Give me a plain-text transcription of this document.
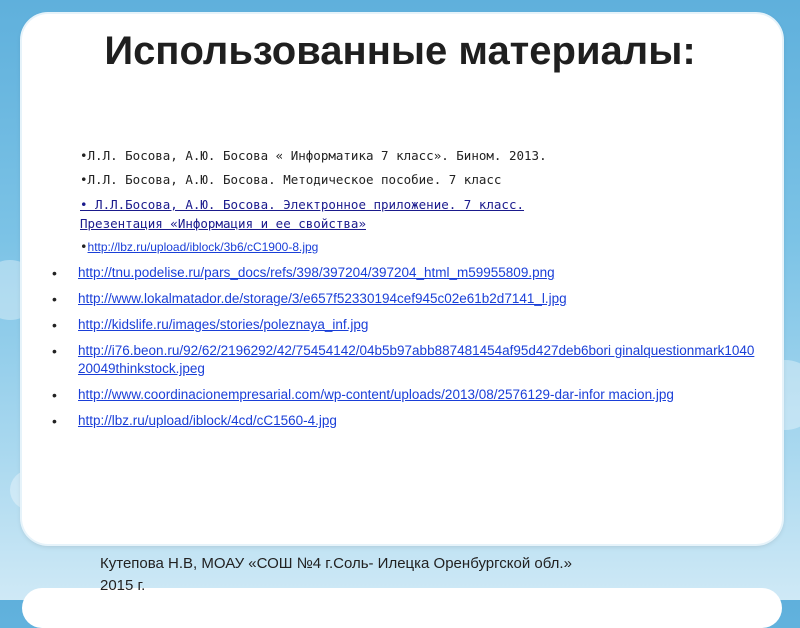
Использованные материалы:
•Л.Л. Босова, А.Ю. Босова « Информатика 7 класс». Бином. 2013.
•Л.Л. Босова, А.Ю. Босова. Методическое пособие. 7 класс
• Л.Л.Босова, А.Ю. Босова. Электронное приложение. 7 класс.
Презентация «Информация и ее свойства»
•http://lbz.ru/upload/iblock/3b6/cC1900-8.jpg
• http://tnu.podelise.ru/pars_docs/refs/398/397204/397204_html_m59955809.png
• http://www.lokalmatador.de/storage/3/e657f52330194cef945c02e61b2d7141_l.jpg
• http://kidslife.ru/images/stories/poleznaya_inf.jpg
• http://i76.beon.ru/92/62/2196292/42/75454142/04b5b97abb887481454af95d427deb6bori ginalquestionmark104020049thinkstock.jpeg
• http://www.coordinacionempresarial.com/wp-content/uploads/2013/08/2576129-dar-infor macion.jpg
• http://lbz.ru/upload/iblock/4cd/cC1560-4.jpg
Кутепова Н.В, МОАУ «СОШ №4 г.Соль- Илецка Оренбургской обл.»
2015 г.
